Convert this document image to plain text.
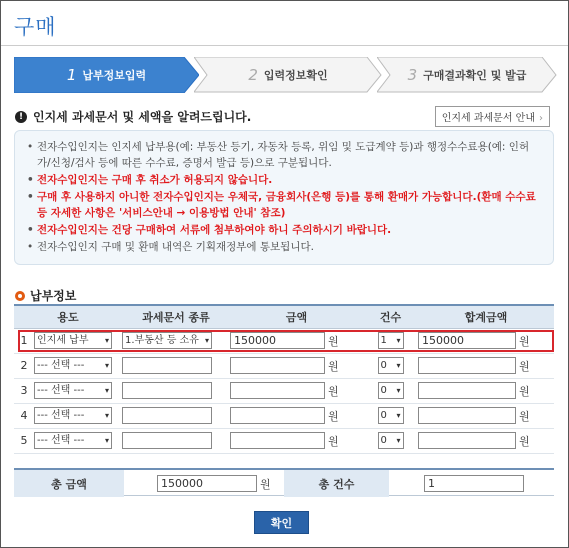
구매
1 납부정보입력	2 입력정보확인	3 구매결과확인 및 발급
! 인지세 과세문서 및 세액을 알려드립니다.	인지세 과세문서 안내 ›
• 전자수입인지는 인지세 납부용(예: 부동산 등기, 자동차 등록, 위임 및 도급계약 등)과 행정수수료용(예: 인허가/신청/검사 등에 따른 수수료, 증명서 발급 등)으로 구분됩니다.
• 전자수입인지는 구매 후 취소가 허용되지 않습니다.
• 구매 후 사용하지 아니한 전자수입인지는 우체국, 금융회사(은행 등)를 통해 환매가 가능합니다.(환매 수수료 등 자세한 사항은 '서비스안내 → 이용방법 안내' 참조)
• 전자수입인지는 건당 구매하여 서류에 첨부하여야 하니 주의하시기 바랍니다.
• 전자수입인지 구매 및 환매 내역은 기획재정부에 통보됩니다.
납부정보
용도		과세문서 종류	금액	건수	합계금액
1	인지세 납부 ▾	1.부동산 등 소유 ▾	150000 원	1 ▾	150000 원
2	--- 선택 --- ▾		원	0 ▾	원
3	--- 선택 --- ▾		원	0 ▾	원
4	--- 선택 --- ▾		원	0 ▾	원
5	--- 선택 --- ▾		원	0 ▾	원
총 금액	150000	원	총 건수	1
확인
